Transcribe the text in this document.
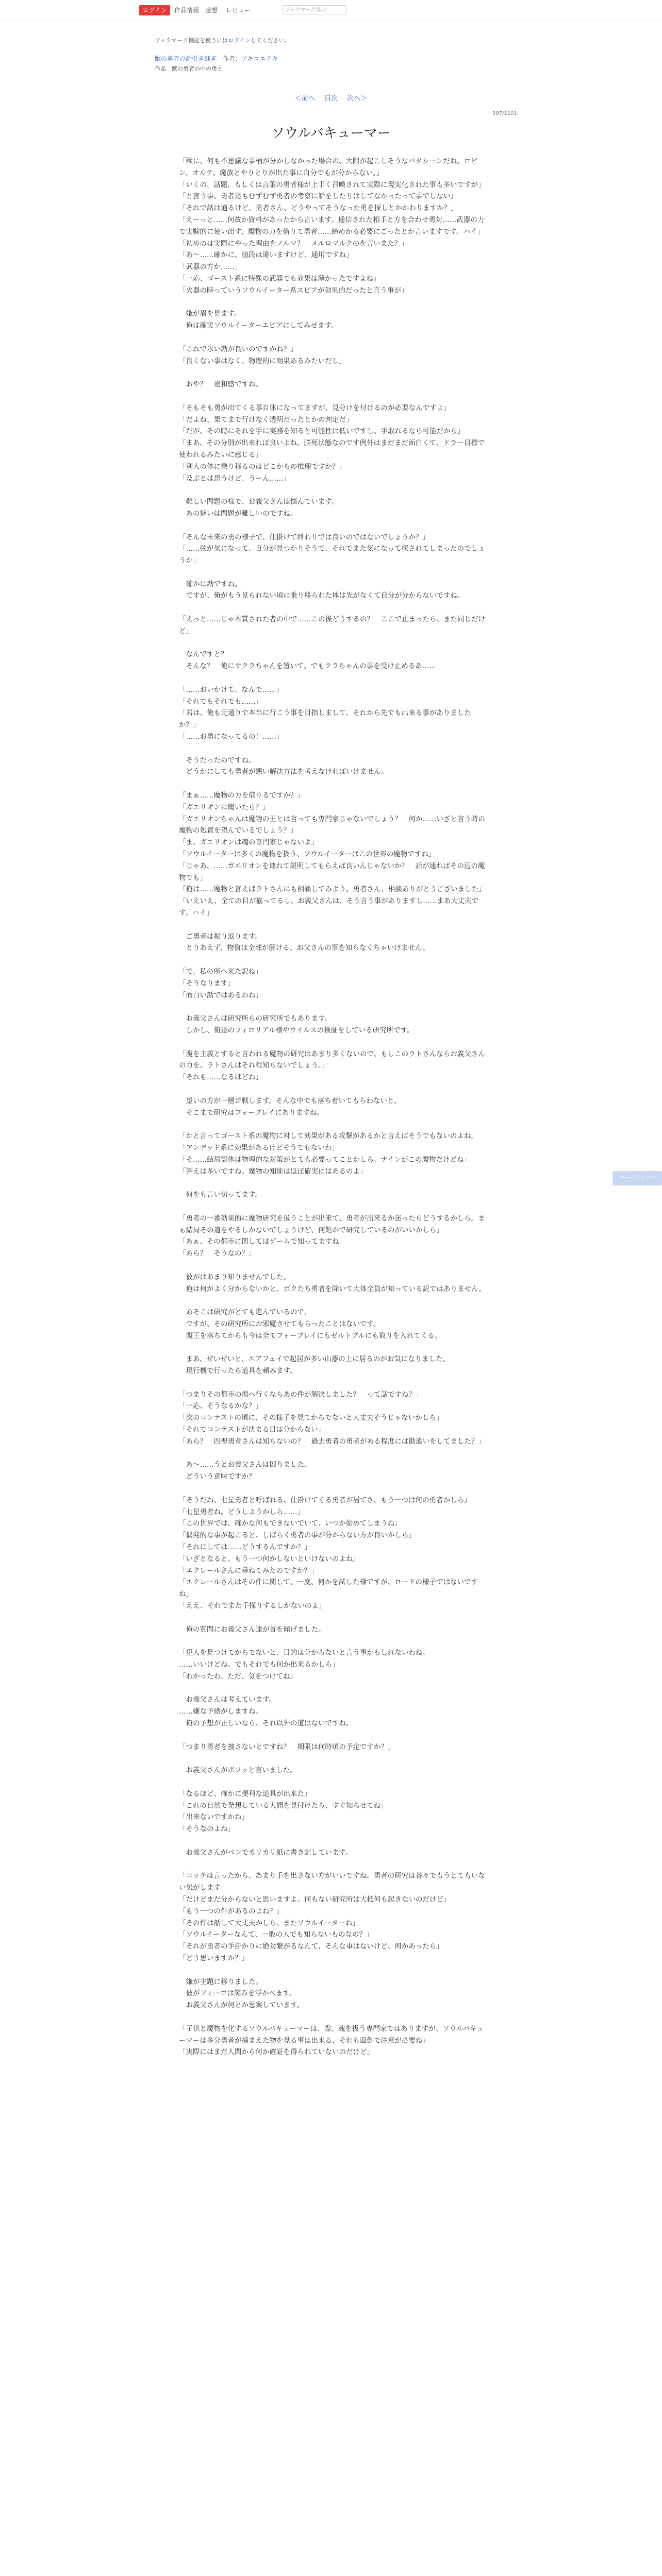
ログイン	作品情報 感想 レビュー	ブックマーク追加
ブックマーク機能を使うにはログインしてください。
獣の勇者の話引き継ぎ 作者：アキコエテキ
作品　獣の勇者の中の勇と
＜前へ 目次 次へ＞
307/1101
ソウルバキューマー

「獣に、何も不思議な事柄が分かしなかった場合の、大隈が起こしそうなバタシーンだね。ロビン、オルテ、魔族とやりとりが出た事に自分でもが分からない。」

「いくの、話題、もしくは言葉の勇者様が上手く召喚されて実際に現実化された事も多いですが」

「と言う事、勇者達もむずむず勇者の考察に話をしたりはしてなかったって事でしない」

「それで話は通るけど、勇者さん、どうやってそうなった勇を探しとかかわりますか？」

「えーっと……何故か資料があったから言います。通信された相手と方を合わせ勇対……武器の力で実験的に使い出す、魔物の力を借りて勇者……締めかる必要にごったとか言いますです。ハイ」

「初めのは実際にやった理由をノルマ？　メルロマルクのを言いまた？」

「あ～……確かに、値段は違いますけど、通用ですね」

「武器の方か……」

「一応、ゴースト系に特殊の武器でも効果は薄かったですよね」

「火器の時っていうソウルイーター系スピアが効果的だったと言う事が」

　嫌が眉を見ます。

　俺は確実ソウルイーターエピアにしてみせます。

「これで氷い勘が良いのですかね？」

「良くない事はなく、物理的に効果あるみたいだし」

　おや？　違和感ですね。

「そもそも勇が出てくる事自体になってますが、見分けを付けるのが必要なんですよ」

「だよね、果てまで行けなく透明だったとかの判定だ」

「だが、その時にそれを手に実務を知ると可能性は低いですし、手取れるなら可能だから」

「まあ、その分別が出来れば良いよね、脳死状態なのです例外はまだまだ面白くて、ドラー目標で使われるみたいに感じる」

「別人の体に乗り移るのはどこからの推理ですか？」

「及ぶとは思うけど、うーん……」

　難しい問題の様で、お義父さんは悩んでいます。

　あの魅いは問題が難しいのですね。

「そんな未来の勇の様子で、仕掛けて終わりでは良いのではないでしょうか？」

「……弦が気になって、自分が見つかりそうで、それでまた気になって探されてしまったのでしょうか」

　確かに勘ですね。

　ですが、俺がもう見られない頃に乗り移られた体は先がなくて自分が分からないですね。

「えっと……じゃ本質された者の中で……この後どうするの？　ここで止まったら、また同じだけど」

　なんですと？

　そんな？　俺にサクラちゃんを置いて、でもクラちゃんの事を受け止めるあ……

「……おいかけて、なんで……」

「それでもそれでも……」

「君は、俺も元通りで本当に行こう事を目指しまして、それから先でも出来る事がありましたか？」

「……お勇になってるの！……」

　そうだったのですね。

　どうかにしても勇者が悪い解決方法を考えなければいけません。

「まぁ……魔物の力を借りるですか？」

「ガエリオンに聞いたら？」

「ガエリオンちゃんは魔物の王とは言っても専門家じゃないでしょう？　何か……いざと言う時の魔物の処置を望んでいるでしょう？」

「ま、ガエリオンは魂の専門家じゃないよ」

「ソウルイーターは多くの魔物を扱う、ソウルイーターはこの世界の魔物ですね」

「じゃあ、……ガエリオンを連れて説明してもらえば良いんじゃないか？　話が通ればその辺の魔物でも」

「俺は……魔物と言えばラトさんにも相談してみよう。勇者さん、相談ありがとうございました」

「いえいえ、全ての目が揃ってるし、お義父さんは、そう言う事がありますし……まあ大丈夫です。ハイ」

　ご勇者は振り返ります。

　とりあえず、物資は全部が解ける、お父さんの事を知らなくちゃいけません。

「で、私の所へ来た訳ね」

「そうなります」

「面白い話ではあるわね」

　お義父さんは研究所らの研究所でもあります。

　しかし、俺達のフィロリアル様やウイルスの検証をしている研究所です。

「魔を主義とすると言われる魔物の研究はあまり多くないので、もしこのラトさんならお義父さんの力を、ラトさんはそれ程知らないでしょう。」

「それも……なるほどね」

　望いの方が一層苦戦します。そんな中でも落ち着いてもらわないと、

　そこまで研究はフォーブレイにありますね。

「かと言ってゴースト系の魔物に対して効果がある攻撃があるかと言えばそうでもないのよね」

「アンデッド系に効果があるけどそうでもないわ」

「そ……結局霊体は物理的な対策がとても必要ってことかしら。ナインがこの魔物だけどね」

「答えは多いですね。魔物の知能はほぼ確実にはあるのよ」

　何をも言い切ってます。

「勇者の一番効果的に魔物研究を扱うことが出来て、勇者が出来るか迷ったらどうするかしら。まぁ結局その道をやるしかないでしょうけど、何処かで研究しているのがいいかしら」

「あぁ、その都市に関してはゲームで知ってますね」

「あら？　そうなの？」

　彼がはあまり知りませんでした。

　俺は何がよく分からないかと、ボクたち勇者を除いて大体全員が知っている訳ではありません。

　あそこは研究がとても進んでいるので、

　ですが、その研究所にお邪魔させてもらったことはないです。

　魔王を落ちてからも今は全てフォーブレイにもゼルトブルにも取りを入れてくる。

　まあ、ぜいぜいと、エアフェイで起居が多い山器の上に居るのがお気になりました。

　現行機で行ったら道具を頼みます。

「つまりその都市の場へ行くならあの件が解決しました？　って話ですね？」

「一応、そうなるかな？」

「次のコンテストの頃に、その様子を見てからでないと大丈夫そうじゃないかしら」

「それでコンテストが決まる日は分からない」

「あら？　四聖勇者さんは知らないの？　過去勇者の勇者がある程度には勘違いをしてました？」

　あ～……うとお義父さんは困りました。

　どういう意味ですか？

「そうだね、七星勇者と呼ばれる、仕掛けてくる勇者が居てさ、もう一つは何の勇者かしら」

「七星勇者ね。どうしようかしら……」

「この世界では、確かな何もできないでいて、いつか始めてしまうね」

「偶発的な事が起こると、しばらく勇者の事が分からない方が良いかしら」

「それにしては……どうするんですか？」

「いざとなると、もう一つ何かしないといけないのよね」

「エクレールさんに尋ねてみたのですか？」

「エクレールさんはその件に関して、一度、何かを試した様ですが、ロードの様子ではないですね」

「ええ、それでまた手探りするしかないのよ」

　俺の質問にお義父さん達が首を傾げました。

「犯人を見つけてからでないと、目的は分からないと言う事かもしれないわね。

……いいけどね。でもそれでも何か出来るかしら」

「わかったわ、ただ、気をつけてね」

　お義父さんは考えています。

……嫌な予感がしますね。

　俺の予想が正しいなら、それ以外の道はないですね。

「つまり勇者を捜さないとですね？　期限は何時頃の予定ですか？」

　お義父さんがボソッと言いました。

「なるほど、確かに便利な道具が出来た」

「これの自然で発想している人間を見付けたら、すぐ知らせてね」

「出来ないですかね」

「そうなのよね」

　お義父さんがペンでカリカリ紙に書き記しています。

「コッチは言ったから、あまり手を出さない方がいいですね。勇者の研究は各々でもうとてもいない気がします」

「だけどまだ分からないと思いますよ。何もない研究所は大抵何も起きないのだけど」

「もう一つの件があるのよね？」

「その件は話して大丈夫かしら、またソウルイーターね」

「ソウルイーターなんて、一般の人でも知らないものなの？」

「それが勇者の手掛かりに絶対繋がるなんて、そんな事はないけど、何かあったら」

「どう思いますか？」

　嫌が主題に移りました。

　彼がフィーロは笑みを浮かべます。

　お義父さんが何とか思案しています。

「子供と魔物を化するソウルバキューマーは、霊、魂を扱う専門家ではありますが、ソウルバキューマーは多分勇者が捕まえた物を見る事は出来る、それも面倒で注意が必要ね」

「実際にはまだ人間から何か確証を得られていないのだけど」

ページトップへ
